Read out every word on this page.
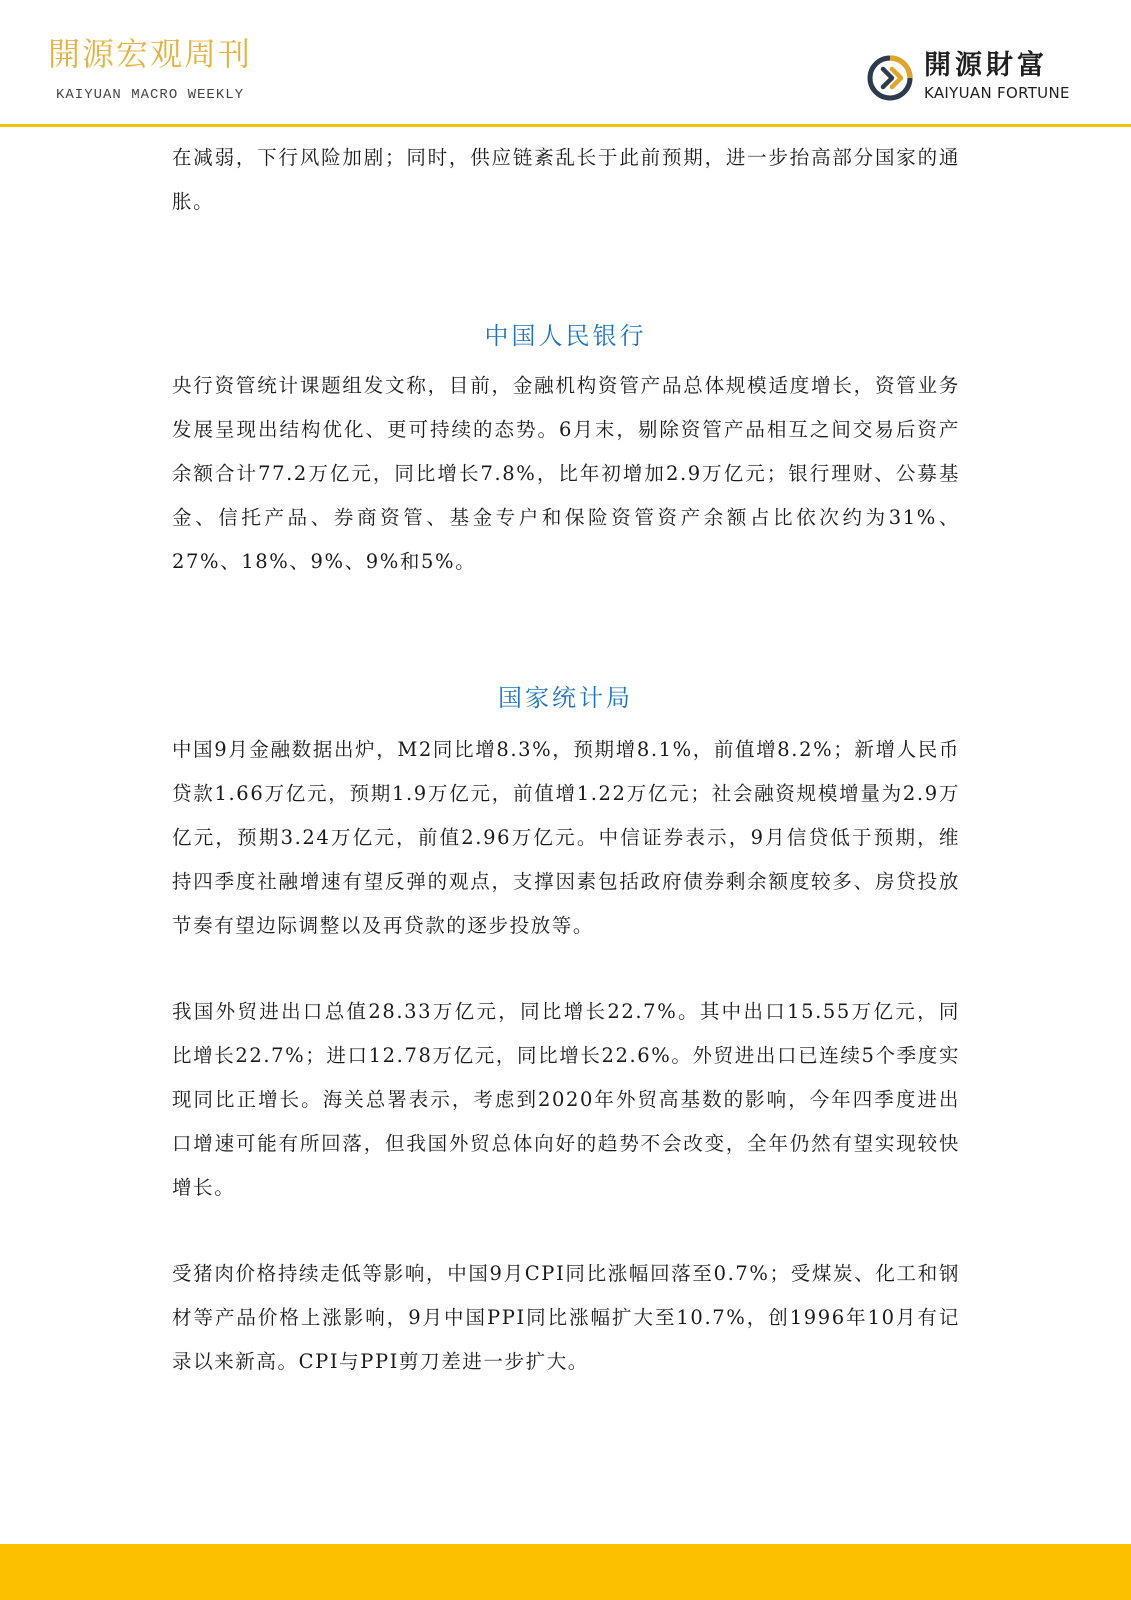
開源宏观周刊
KAIYUAN MACRO WEEKLY
開源財富
KAIYUAN FORTUNE

在减弱，下行风险加剧；同时，供应链紊乱长于此前预期，进一步抬高部分国家的通胀。

中国人民银行

央行资管统计课题组发文称，目前，金融机构资管产品总体规模适度增长，资管业务发展呈现出结构优化、更可持续的态势。6月末，剔除资管产品相互之间交易后资产余额合计77.2万亿元，同比增长7.8%，比年初增加2.9万亿元；银行理财、公募基金、信托产品、券商资管、基金专户和保险资管资产余额占比依次约为31%、27%、18%、9%、9%和5%。

国家统计局

中国9月金融数据出炉，M2同比增8.3%，预期增8.1%，前值增8.2%；新增人民币贷款1.66万亿元，预期1.9万亿元，前值增1.22万亿元；社会融资规模增量为2.9万亿元，预期3.24万亿元，前值2.96万亿元。中信证券表示，9月信贷低于预期，维持四季度社融增速有望反弹的观点，支撑因素包括政府债券剩余额度较多、房贷投放节奏有望边际调整以及再贷款的逐步投放等。

我国外贸进出口总值28.33万亿元，同比增长22.7%。其中出口15.55万亿元，同比增长22.7%；进口12.78万亿元，同比增长22.6%。外贸进出口已连续5个季度实现同比正增长。海关总署表示，考虑到2020年外贸高基数的影响，今年四季度进出口增速可能有所回落，但我国外贸总体向好的趋势不会改变，全年仍然有望实现较快增长。

受猪肉价格持续走低等影响，中国9月CPI同比涨幅回落至0.7%；受煤炭、化工和钢材等产品价格上涨影响，9月中国PPI同比涨幅扩大至10.7%，创1996年10月有记录以来新高。CPI与PPI剪刀差进一步扩大。
